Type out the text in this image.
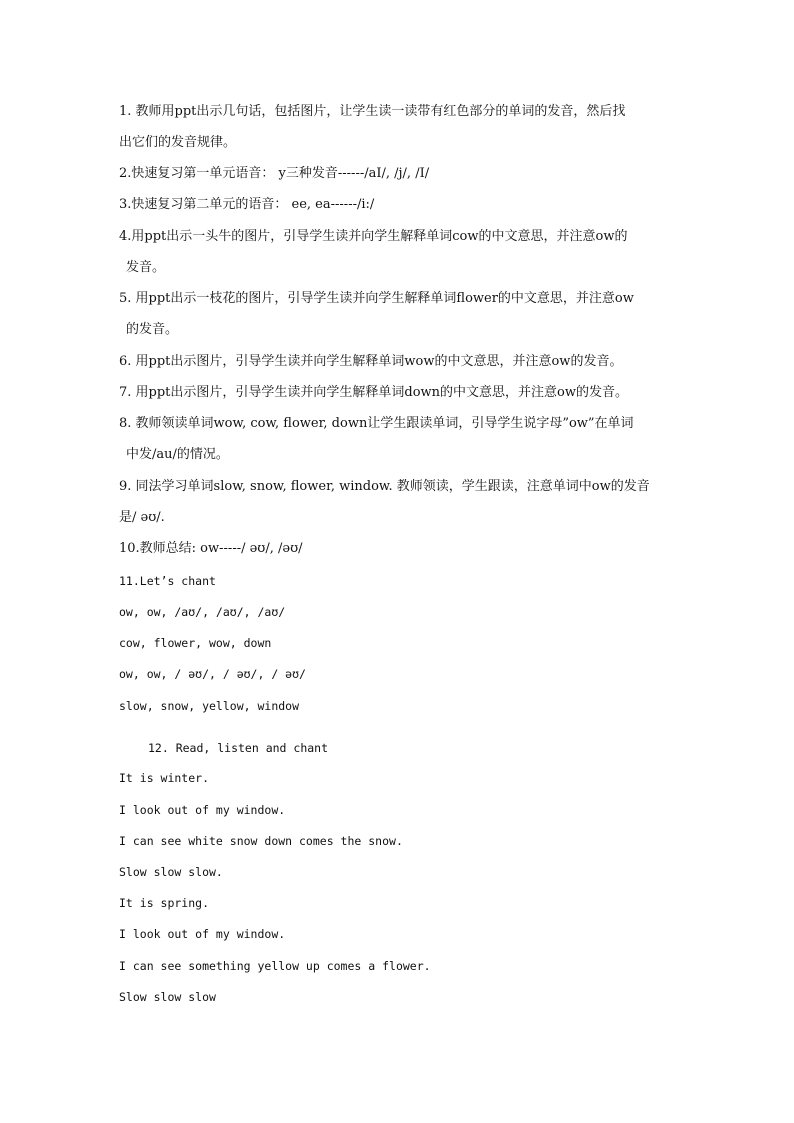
1. 教师用ppt出示几句话，包括图片，让学生读一读带有红色部分的单词的发音，然后找
出它们的发音规律。
2.快速复习第一单元语音： y三种发音------/aI/, /j/, /I/
3.快速复习第二单元的语音： ee, ea------/i:/
4.用ppt出示一头牛的图片，引导学生读并向学生解释单词cow的中文意思，并注意ow的
发音。
5. 用ppt出示一枝花的图片，引导学生读并向学生解释单词flower的中文意思，并注意ow
的发音。
6. 用ppt出示图片，引导学生读并向学生解释单词wow的中文意思，并注意ow的发音。
7. 用ppt出示图片，引导学生读并向学生解释单词down的中文意思，并注意ow的发音。
8. 教师领读单词wow, cow, flower, down让学生跟读单词，引导学生说字母”ow”在单词
中发/au/的情况。
9. 同法学习单词slow, snow, flower, window. 教师领读，学生跟读，注意单词中ow的发音
是/ əʊ/.
10.教师总结: ow-----/ əʊ/, /əʊ/
11.Let’s chant
ow, ow, /aʊ/, /aʊ/, /aʊ/
cow, flower, wow, down
ow, ow, / əʊ/, / əʊ/, / əʊ/
slow, snow, yellow, window
12. Read, listen and chant
It is winter.
I look out of my window.
I can see white snow down comes the snow.
Slow slow slow.
It is spring.
I look out of my window.
I can see something yellow up comes a flower.
Slow slow slow
